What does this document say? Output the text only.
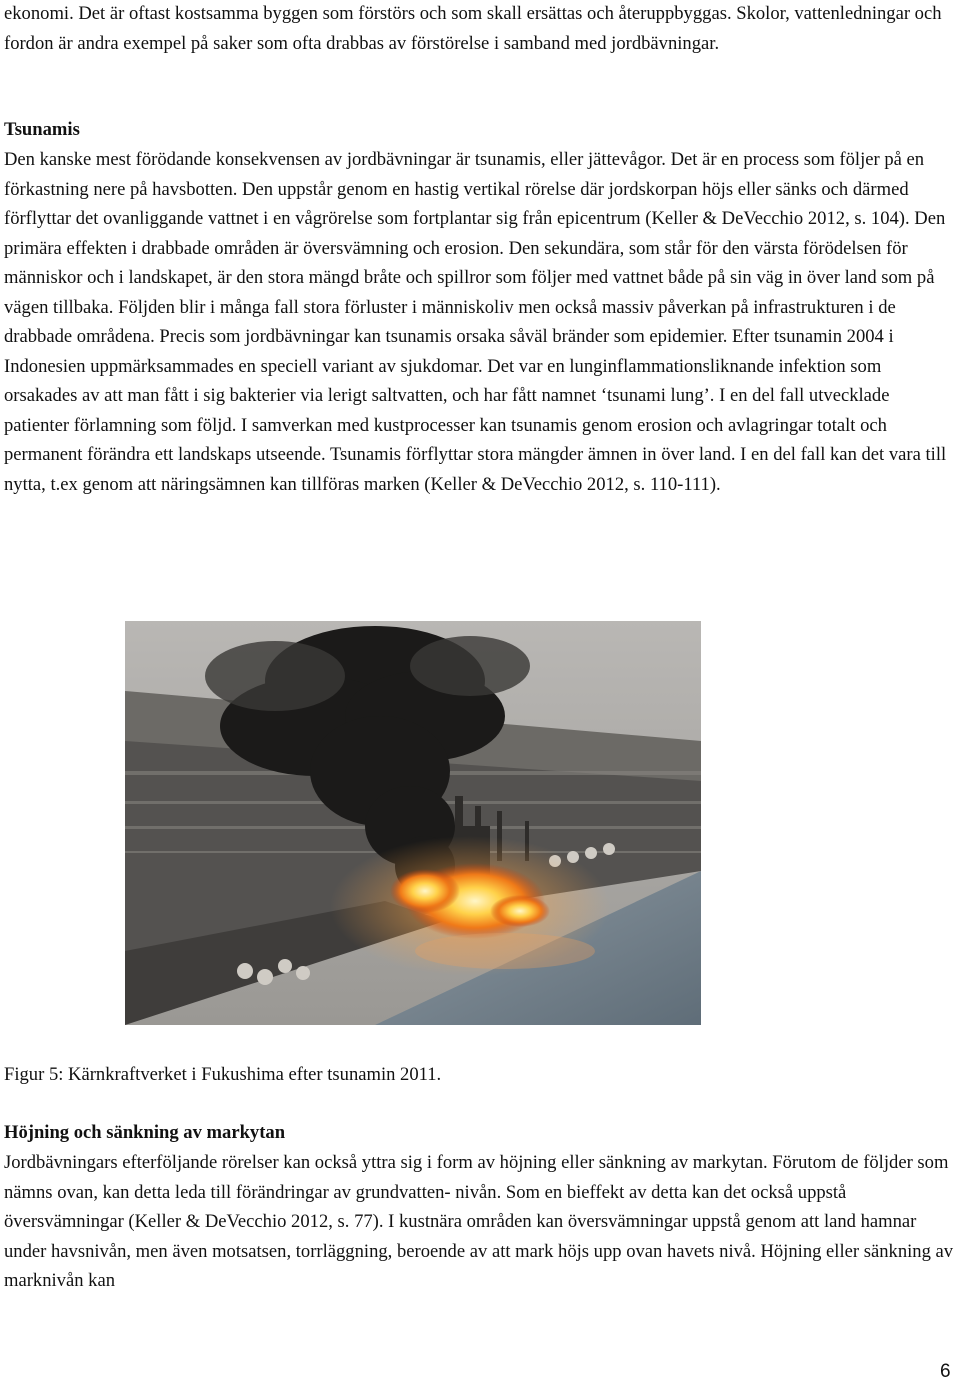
ekonomi. Det är oftast kostsamma byggen som förstörs och som skall ersättas och återuppbyggas. Skolor, vattenledningar och fordon är andra exempel på saker som ofta drabbas av förstörelse i samband med jordbävningar.

Tsunamis

Den kanske mest förödande konsekvensen av jordbävningar är tsunamis, eller jättevågor. Det är en process som följer på en förkastning nere på havsbotten. Den uppstår genom en hastig vertikal rörelse där jordskorpan höjs eller sänks och därmed förflyttar det ovanliggande vattnet i en vågrörelse som fortplantar sig från epicentrum (Keller & DeVecchio 2012, s. 104). Den primära effekten i drabbade områden är översvämning och erosion. Den sekundära, som står för den värsta förödelsen för människor och i landskapet, är den stora mängd bråte och spillror som följer med vattnet både på sin väg in över land som på vägen tillbaka. Följden blir i många fall stora förluster i människoliv men också massiv påverkan på infrastrukturen i de drabbade områdena. Precis som jordbävningar kan tsunamis orsaka såväl bränder som epidemier. Efter tsunamin 2004 i Indonesien uppmärksammades en speciell variant av sjukdomar. Det var en lunginflammationsliknande infektion som orsakades av att man fått i sig bakterier via lerigt saltvatten, och har fått namnet ‘tsunami lung’. I en del fall utvecklade patienter förlamning som följd. I samverkan med kustprocesser kan tsunamis genom erosion och avlagringar totalt och permanent förändra ett landskaps utseende. Tsunamis förflyttar stora mängder ämnen in över land. I en del fall kan det vara till nytta, t.ex genom att näringsämnen kan tillföras marken (Keller & DeVecchio 2012, s. 110-111).

Figur 5: Kärnkraftverket i Fukushima efter tsunamin 2011.

Höjning och sänkning av markytan

Jordbävningars efterföljande rörelser kan också yttra sig i form av höjning eller sänkning av markytan. Förutom de följder som nämns ovan, kan detta leda till förändringar av grundvatten- nivån. Som en bieffekt av detta kan det också uppstå översvämningar (Keller & DeVecchio 2012, s. 77). I kustnära områden kan översvämningar uppstå genom att land hamnar under havsnivån, men även motsatsen, torrläggning, beroende av att mark höjs upp ovan havets nivå. Höjning eller sänkning av marknivån kan

6
